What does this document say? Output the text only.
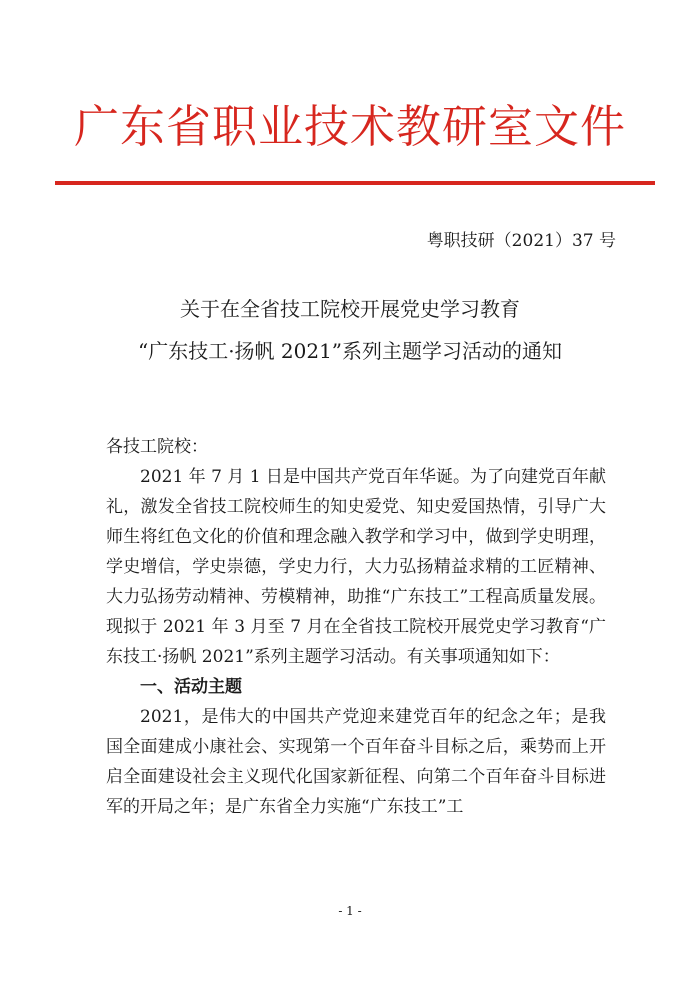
广东省职业技术教研室文件
粤职技研（2021）37 号
关于在全省技工院校开展党史学习教育
“广东技工·扬帆 2021”系列主题学习活动的通知

各技工院校：

2021 年 7 月 1 日是中国共产党百年华诞。为了向建党百年献礼，激发全省技工院校师生的知史爱党、知史爱国热情，引导广大师生将红色文化的价值和理念融入教学和学习中，做到学史明理，学史增信，学史崇德，学史力行，大力弘扬精益求精的工匠精神、大力弘扬劳动精神、劳模精神，助推“广东技工”工程高质量发展。现拟于 2021 年 3 月至 7 月在全省技工院校开展党史学习教育“广东技工·扬帆 2021”系列主题学习活动。有关事项通知如下：

一、活动主题

2021，是伟大的中国共产党迎来建党百年的纪念之年；是我国全面建成小康社会、实现第一个百年奋斗目标之后，乘势而上开启全面建设社会主义现代化国家新征程、向第二个百年奋斗目标进军的开局之年；是广东省全力实施“广东技工”工

- 1 -
